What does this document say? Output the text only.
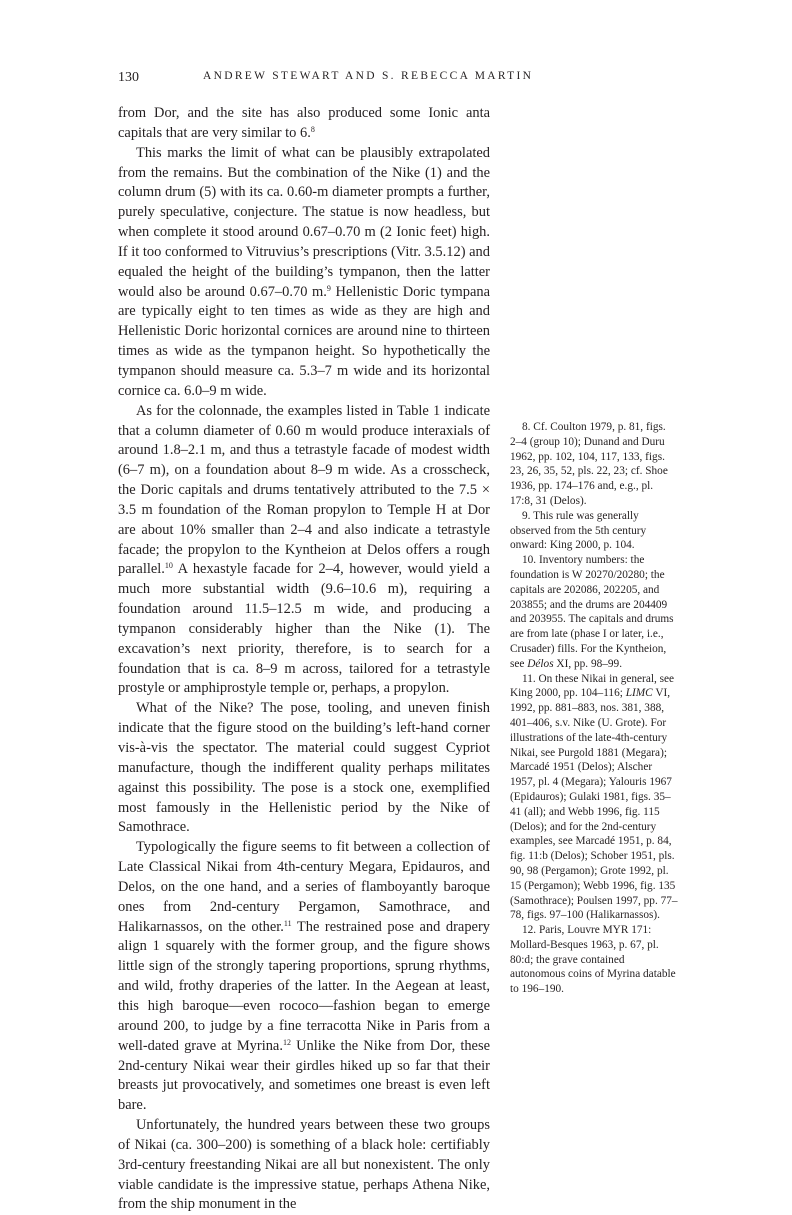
130	ANDREW STEWART AND S. REBECCA MARTIN

from Dor, and the site has also produced some Ionic anta capitals that are very similar to 6.$^8$

This marks the limit of what can be plausibly extrapolated from the remains. But the combination of the Nike (1) and the column drum (5) with its ca. 0.60-m diameter prompts a further, purely speculative, conjecture. The statue is now headless, but when complete it stood around 0.67–0.70 m (2 Ionic feet) high. If it too conformed to Vitruvius’s prescriptions (Vitr. 3.5.12) and equaled the height of the building’s tympanon, then the latter would also be around 0.67–0.70 m.$^9$ Hellenistic Doric tympana are typically eight to ten times as wide as they are high and Hellenistic Doric horizontal cornices are around nine to thirteen times as wide as the tympanon height. So hypothetically the tympanon should measure ca. 5.3–7 m wide and its horizontal cornice ca. 6.0–9 m wide.

As for the colonnade, the examples listed in Table 1 indicate that a column diameter of 0.60 m would produce interaxials of around 1.8–2.1 m, and thus a tetrastyle facade of modest width (6–7 m), on a foundation about 8–9 m wide. As a crosscheck, the Doric capitals and drums tentatively attributed to the 7.5 × 3.5 m foundation of the Roman propylon to Temple H at Dor are about 10% smaller than 2–4 and also indicate a tetrastyle facade; the propylon to the Kyntheion at Delos offers a rough parallel.$^{10}$ A hexastyle facade for 2–4, however, would yield a much more substantial width (9.6–10.6 m), requiring a foundation around 11.5–12.5 m wide, and producing a tympanon considerably higher than the Nike (1). The excavation’s next priority, therefore, is to search for a foundation that is ca. 8–9 m across, tailored for a tetrastyle prostyle or amphiprostyle temple or, perhaps, a propylon.

What of the Nike? The pose, tooling, and uneven finish indicate that the figure stood on the building’s left-hand corner vis-à-vis the spectator. The material could suggest Cypriot manufacture, though the indifferent quality perhaps militates against this possibility. The pose is a stock one, exemplified most famously in the Hellenistic period by the Nike of Samothrace.

Typologically the figure seems to fit between a collection of Late Classical Nikai from 4th-century Megara, Epidauros, and Delos, on the one hand, and a series of flamboyantly baroque ones from 2nd-century Pergamon, Samothrace, and Halikarnassos, on the other.$^{11}$ The restrained pose and drapery align 1 squarely with the former group, and the figure shows little sign of the strongly tapering proportions, sprung rhythms, and wild, frothy draperies of the latter. In the Aegean at least, this high baroque—even rococo—fashion began to emerge around 200, to judge by a fine terracotta Nike in Paris from a well-dated grave at Myrina.$^{12}$ Unlike the Nike from Dor, these 2nd-century Nikai wear their girdles hiked up so far that their breasts jut provocatively, and sometimes one breast is even left bare.

Unfortunately, the hundred years between these two groups of Nikai (ca. 300–200) is something of a black hole: certifiably 3rd-century freestanding Nikai are all but nonexistent. The only viable candidate is the impressive statue, perhaps Athena Nike, from the ship monument in the

8. Cf. Coulton 1979, p. 81, figs. 2–4 (group 10); Dunand and Duru 1962, pp. 102, 104, 117, 133, figs. 23, 26, 35, 52, pls. 22, 23; cf. Shoe 1936, pp. 174–176 and, e.g., pl. 17:8, 31 (Delos).

9. This rule was generally observed from the 5th century onward: King 2000, p. 104.

10. Inventory numbers: the foundation is W 20270/20280; the capitals are 202086, 202205, and 203855; and the drums are 204409 and 203955. The capitals and drums are from late (phase I or later, i.e., Crusader) fills. For the Kyntheion, see Délos XI, pp. 98–99.

11. On these Nikai in general, see King 2000, pp. 104–116; LIMC VI, 1992, pp. 881–883, nos. 381, 388, 401–406, s.v. Nike (U. Grote). For illustrations of the late-4th-century Nikai, see Purgold 1881 (Megara); Marcadé 1951 (Delos); Alscher 1957, pl. 4 (Megara); Yalouris 1967 (Epidauros); Gulaki 1981, figs. 35–41 (all); and Webb 1996, fig. 115 (Delos); and for the 2nd-century examples, see Marcadé 1951, p. 84, fig. 11:b (Delos); Schober 1951, pls. 90, 98 (Pergamon); Grote 1992, pl. 15 (Pergamon); Webb 1996, fig. 135 (Samothrace); Poulsen 1997, pp. 77–78, figs. 97–100 (Halikarnassos).

12. Paris, Louvre MYR 171: Mollard-Besques 1963, p. 67, pl. 80:d; the grave contained autonomous coins of Myrina datable to 196–190.
